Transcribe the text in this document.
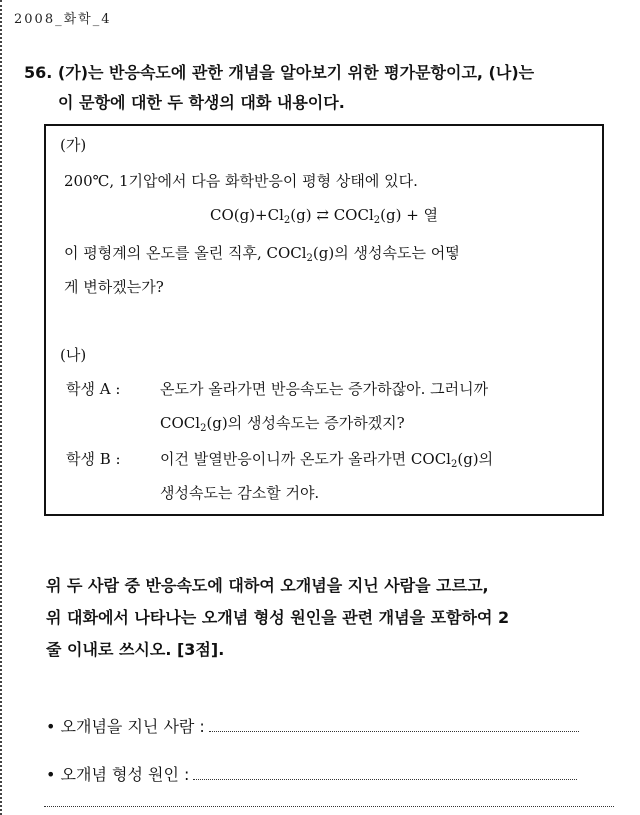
2008_화학_4
56. (가)는 반응속도에 관한 개념을 알아보기 위한 평가문항이고, (나)는
이 문항에 대한 두 학생의 대화 내용이다.
(가)
200℃, 1기압에서 다음 화학반응이 평형 상태에 있다.
$CO(g)+Cl_2(g)$ ⇄ COCl$_2$(g) + 열
이 평형계의 온도를 올린 직후, COCl$_2$(g)의 생성속도는 어떻
게 변하겠는가?
(나)
학생 A :	온도가 올라가면 반응속도는 증가하잖아. 그러니까
COCl$_2$(g)의 생성속도는 증가하겠지?
학생 B :	이건 발열반응이니까 온도가 올라가면 COCl$_2$(g)의
생성속도는 감소할 거야.
위 두 사람 중 반응속도에 대하여 오개념을 지닌 사람을 고르고,
위 대화에서 나타나는 오개념 형성 원인을 관련 개념을 포함하여 2
줄 이내로 쓰시오. [3점].
•
오개념을 지닌 사람 :
•
오개념 형성 원인 :
